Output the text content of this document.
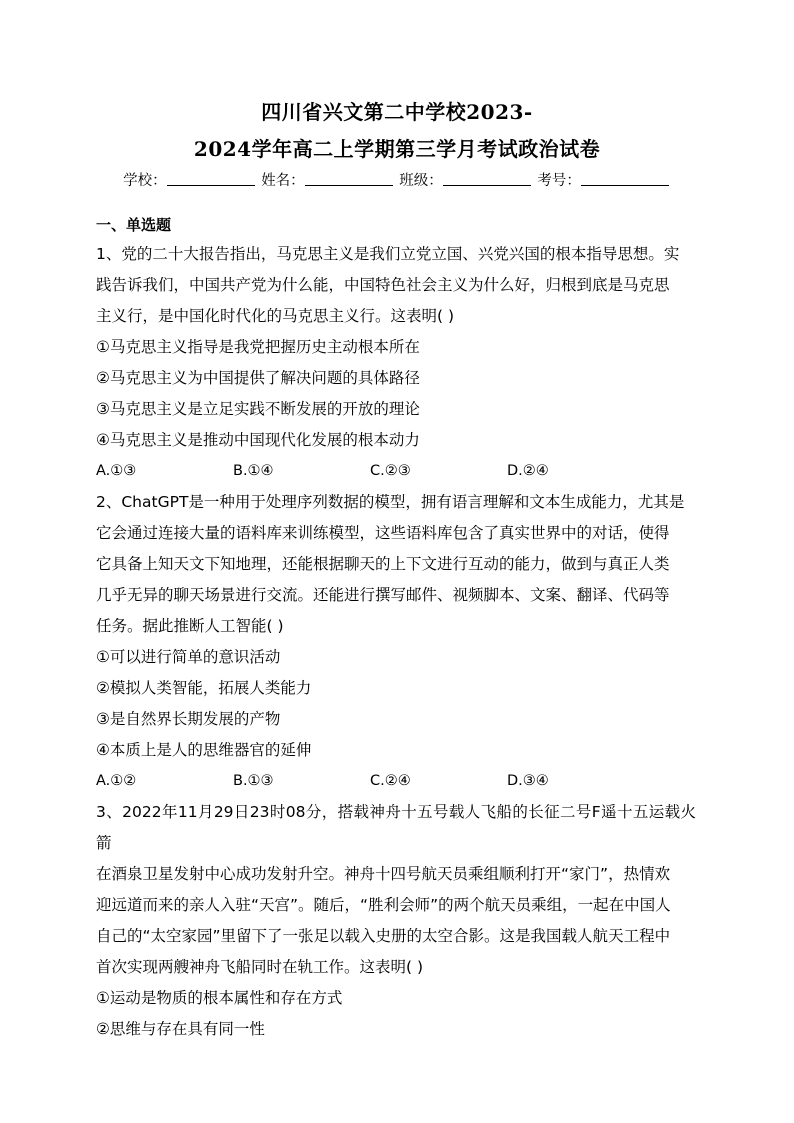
四川省兴文第二中学校2023-
2024学年高二上学期第三学月考试政治试卷
学校：	姓名：	班级：	考号：
一、单选题
1、党的二十大报告指出，马克思主义是我们立党立国、兴党兴国的根本指导思想。实
践告诉我们，中国共产党为什么能，中国特色社会主义为什么好，归根到底是马克思
主义行，是中国化时代化的马克思主义行。这表明( )
①马克思主义指导是我党把握历史主动根本所在
②马克思主义为中国提供了解决问题的具体路径
③马克思主义是立足实践不断发展的开放的理论
④马克思主义是推动中国现代化发展的根本动力
A.①③	B.①④	C.②③	D.②④
2、ChatGPT是一种用于处理序列数据的模型，拥有语言理解和文本生成能力，尤其是
它会通过连接大量的语料库来训练模型，这些语料库包含了真实世界中的对话，使得
它具备上知天文下知地理，还能根据聊天的上下文进行互动的能力，做到与真正人类
几乎无异的聊天场景进行交流。还能进行撰写邮件、视频脚本、文案、翻译、代码等
任务。据此推断人工智能( )
①可以进行简单的意识活动
②模拟人类智能，拓展人类能力
③是自然界长期发展的产物
④本质上是人的思维器官的延伸
A.①②	B.①③	C.②④	D.③④
3、2022年11月29日23时08分，搭载神舟十五号载人飞船的长征二号F遥十五运载火箭
在酒泉卫星发射中心成功发射升空。神舟十四号航天员乘组顺利打开“家门”，热情欢
迎远道而来的亲人入驻“天宫”。随后，“胜利会师”的两个航天员乘组，一起在中国人
自己的“太空家园”里留下了一张足以载入史册的太空合影。这是我国载人航天工程中
首次实现两艘神舟飞船同时在轨工作。这表明( )
①运动是物质的根本属性和存在方式
②思维与存在具有同一性
